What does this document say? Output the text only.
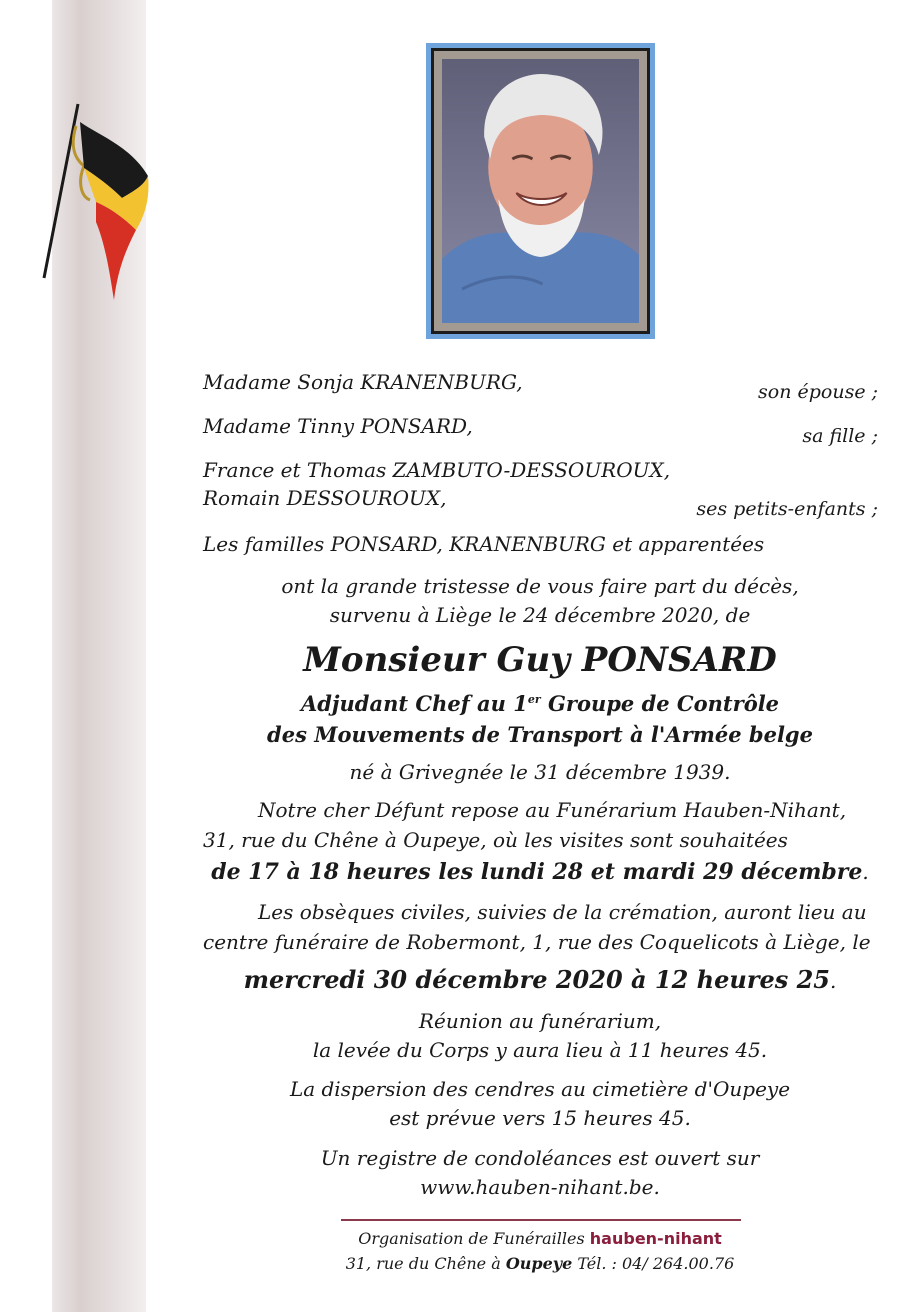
Madame Sonja KRANENBURG,	son épouse ;
Madame Tinny PONSARD,	sa fille ;
France et Thomas ZAMBUTO-DESSOUROUX,
Romain DESSOUROUX,	ses petits-enfants ;
Les familles PONSARD, KRANENBURG et apparentées
ont la grande tristesse de vous faire part du décès,
survenu à Liège le 24 décembre 2020, de
Monsieur Guy PONSARD
Adjudant Chef au 1er Groupe de Contrôle
des Mouvements de Transport à l'Armée belge
né à Grivegnée le 31 décembre 1939.
Notre cher Défunt repose au Funérarium Hauben-Nihant,
31, rue du Chêne à Oupeye, où les visites sont souhaitées
de 17 à 18 heures les lundi 28 et mardi 29 décembre.
Les obsèques civiles, suivies de la crémation, auront lieu au
centre funéraire de Robermont, 1, rue des Coquelicots à Liège, le
mercredi 30 décembre 2020 à 12 heures 25.
Réunion au funérarium,
la levée du Corps y aura lieu à 11 heures 45.
La dispersion des cendres au cimetière d'Oupeye
est prévue vers 15 heures 45.
Un registre de condoléances est ouvert sur
www.hauben-nihant.be.
Organisation de Funérailles hauben-nihant
31, rue du Chêne à Oupeye Tél. : 04/ 264.00.76
